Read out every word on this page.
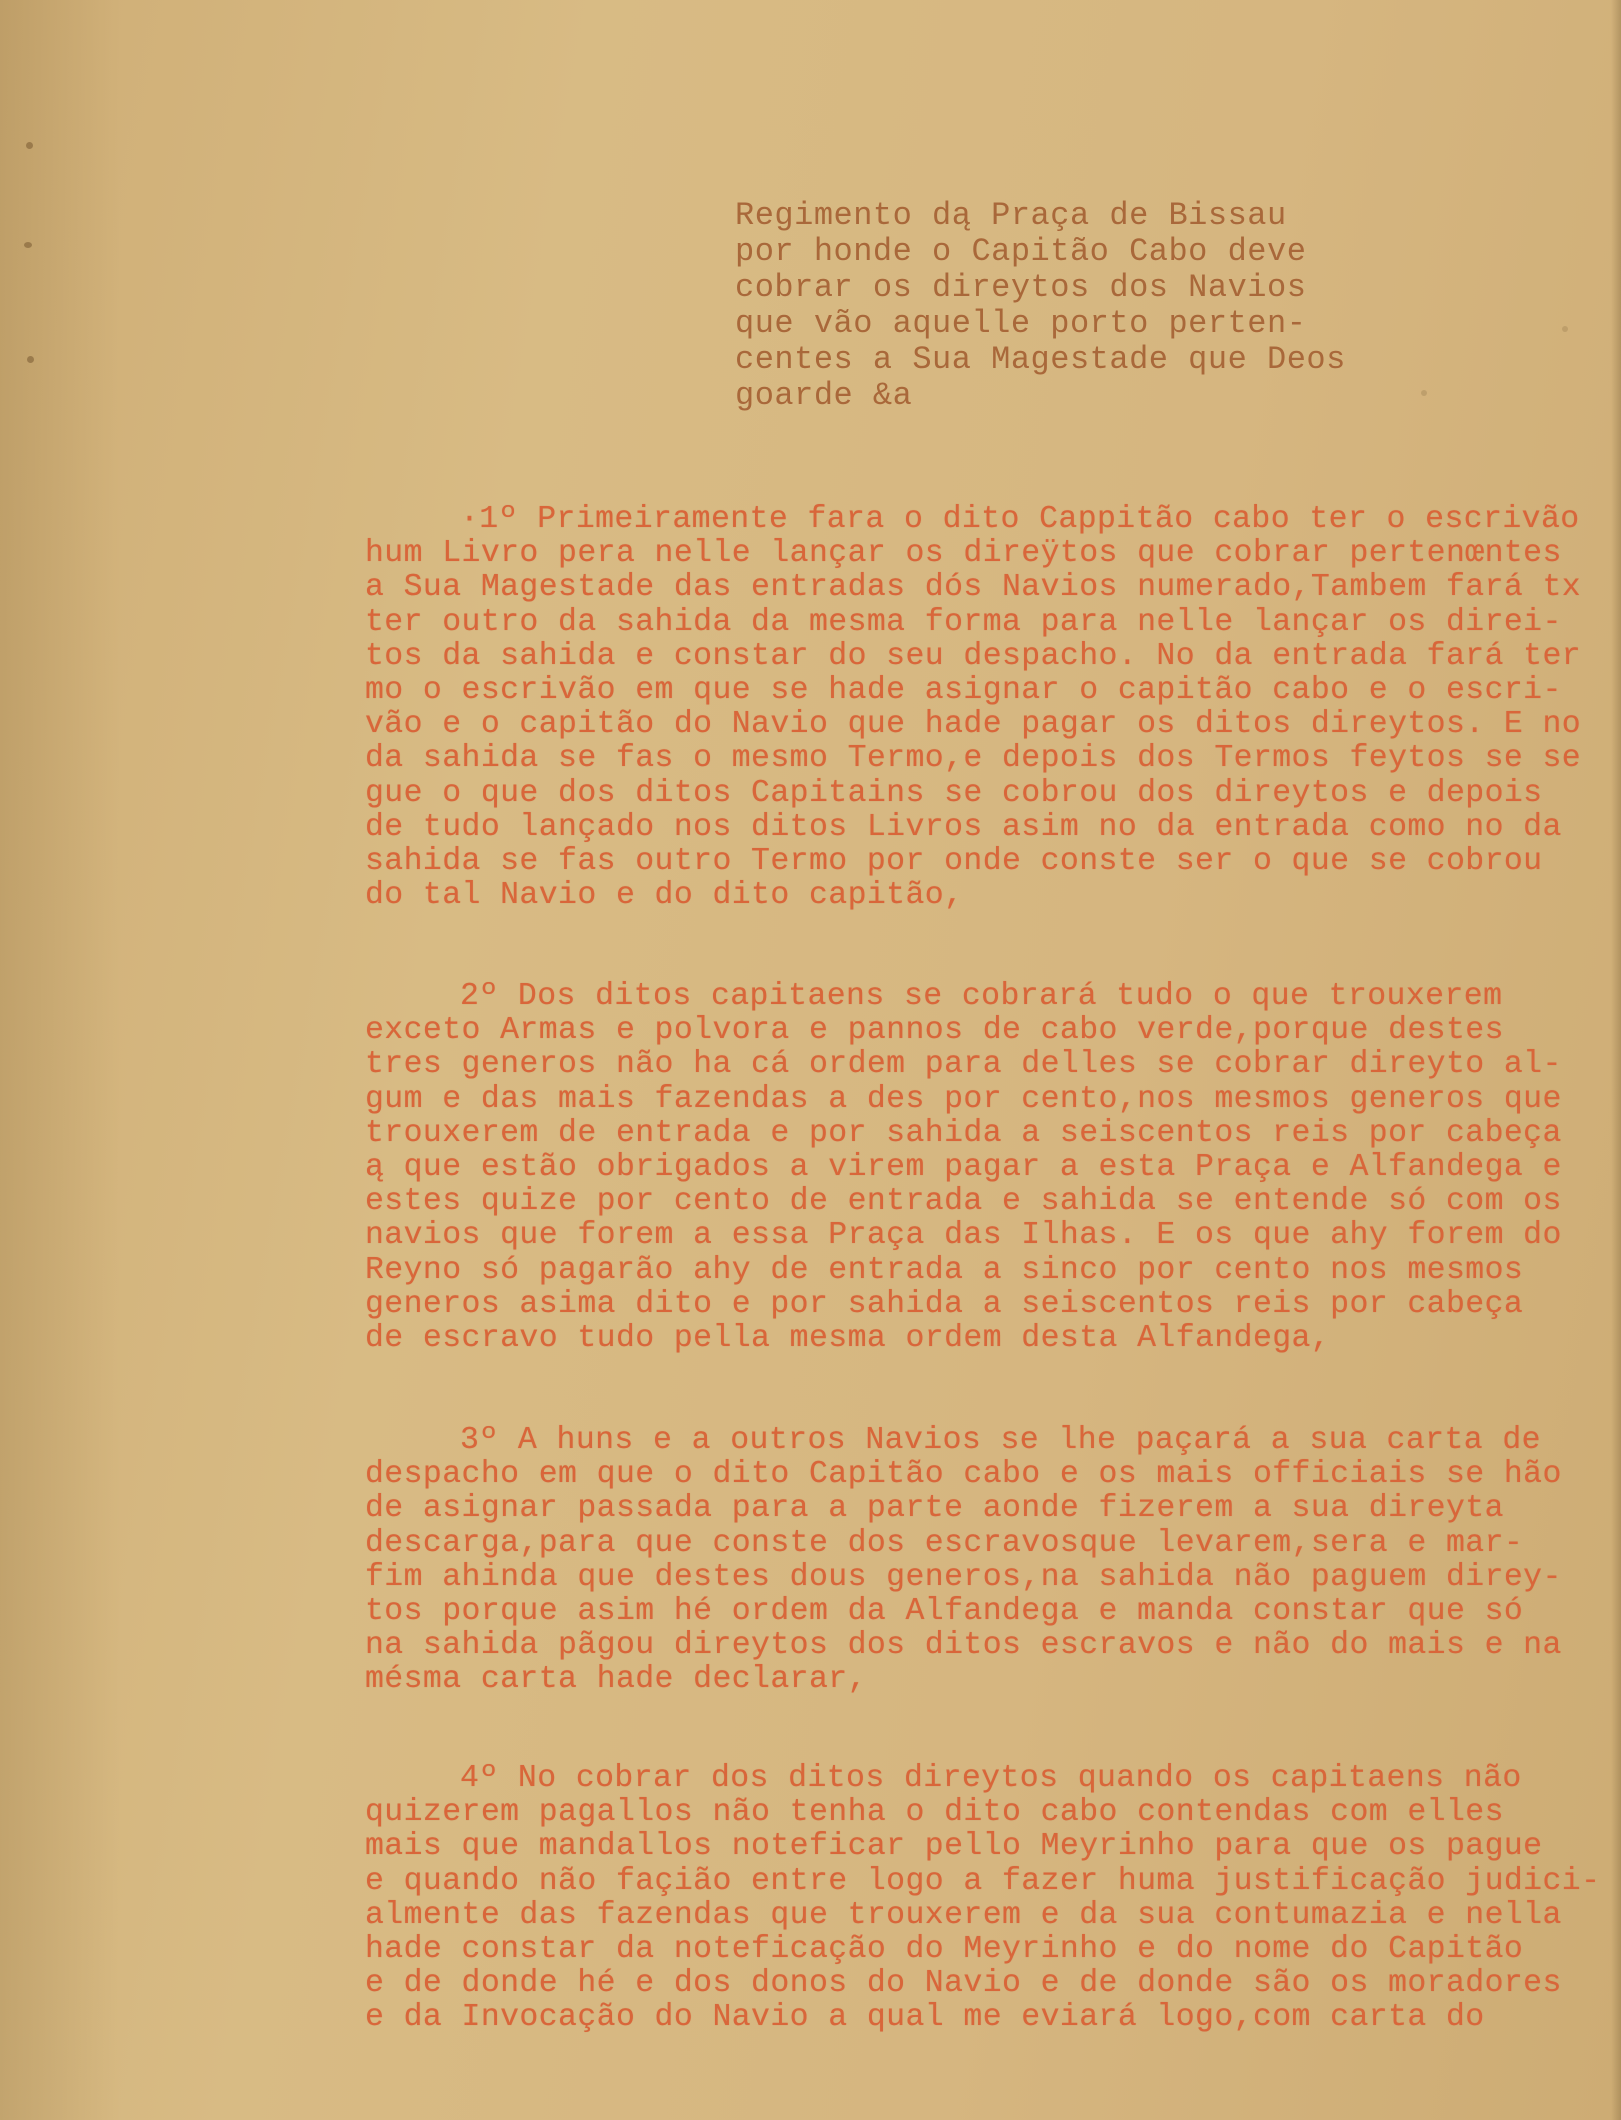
Regimento dą Praça de Bissau
por honde o Capitão Cabo deve
cobrar os direytos dos Navios
que vão aquelle porto perten-
centes a Sua Magestade que Deos
goarde &a
·1º Primeiramente fara o dito Cappitão cabo ter o escrivão
hum Livro pera nelle lançar os direÿtos que cobrar pertenœntes
a Sua Magestade das entradas dós Navios numerado,Tambem fará tx
ter outro da sahida da mesma forma para nelle lançar os direi-
tos da sahida e constar do seu despacho. No da entrada fará ter
mo o escrivão em que se hade asignar o capitão cabo e o escri-
vão e o capitão do Navio que hade pagar os ditos direytos. E no
da sahida se fas o mesmo Termo,e depois dos Termos feytos se se
gue o que dos ditos Capitains se cobrou dos direytos e depois
de tudo lançado nos ditos Livros asim no da entrada como no da
sahida se fas outro Termo por onde conste ser o que se cobrou
do tal Navio e do dito capitão,
2º Dos ditos capitaens se cobrará tudo o que trouxerem
exceto Armas e polvora e pannos de cabo verde,porque destes
tres generos não ha cá ordem para delles se cobrar direyto al-
gum e das mais fazendas a des por cento,nos mesmos generos que
trouxerem de entrada e por sahida a seiscentos reis por cabeça
ą que estão obrigados a virem pagar a esta Praça e Alfandega e
estes quize por cento de entrada e sahida se entende só com os
navios que forem a essa Praça das Ilhas. E os que ahy forem do
Reyno só pagarão ahy de entrada a sinco por cento nos mesmos
generos asima dito e por sahida a seiscentos reis por cabeça
de escravo tudo pella mesma ordem desta Alfandega,
3º A huns e a outros Navios se lhe paçará a sua carta de
despacho em que o dito Capitão cabo e os mais officiais se hão
de asignar passada para a parte aonde fizerem a sua direyta
descarga,para que conste dos escravosque levarem,sera e mar-
fim ahinda que destes dous generos,na sahida não paguem direy-
tos porque asim hé ordem da Alfandega e manda constar que só
na sahida pãgou direytos dos ditos escravos e não do mais e na
mésma carta hade declarar,
4º No cobrar dos ditos direytos quando os capitaens não
quizerem pagallos não tenha o dito cabo contendas com elles
mais que mandallos noteficar pello Meyrinho para que os pague
e quando não façião entre logo a fazer huma justificação judici-
almente das fazendas que trouxerem e da sua contumazia e nella
hade constar da noteficação do Meyrinho e do nome do Capitão
e de donde hé e dos donos do Navio e de donde são os moradores
e da Invocação do Navio a qual me eviará logo,com carta do
